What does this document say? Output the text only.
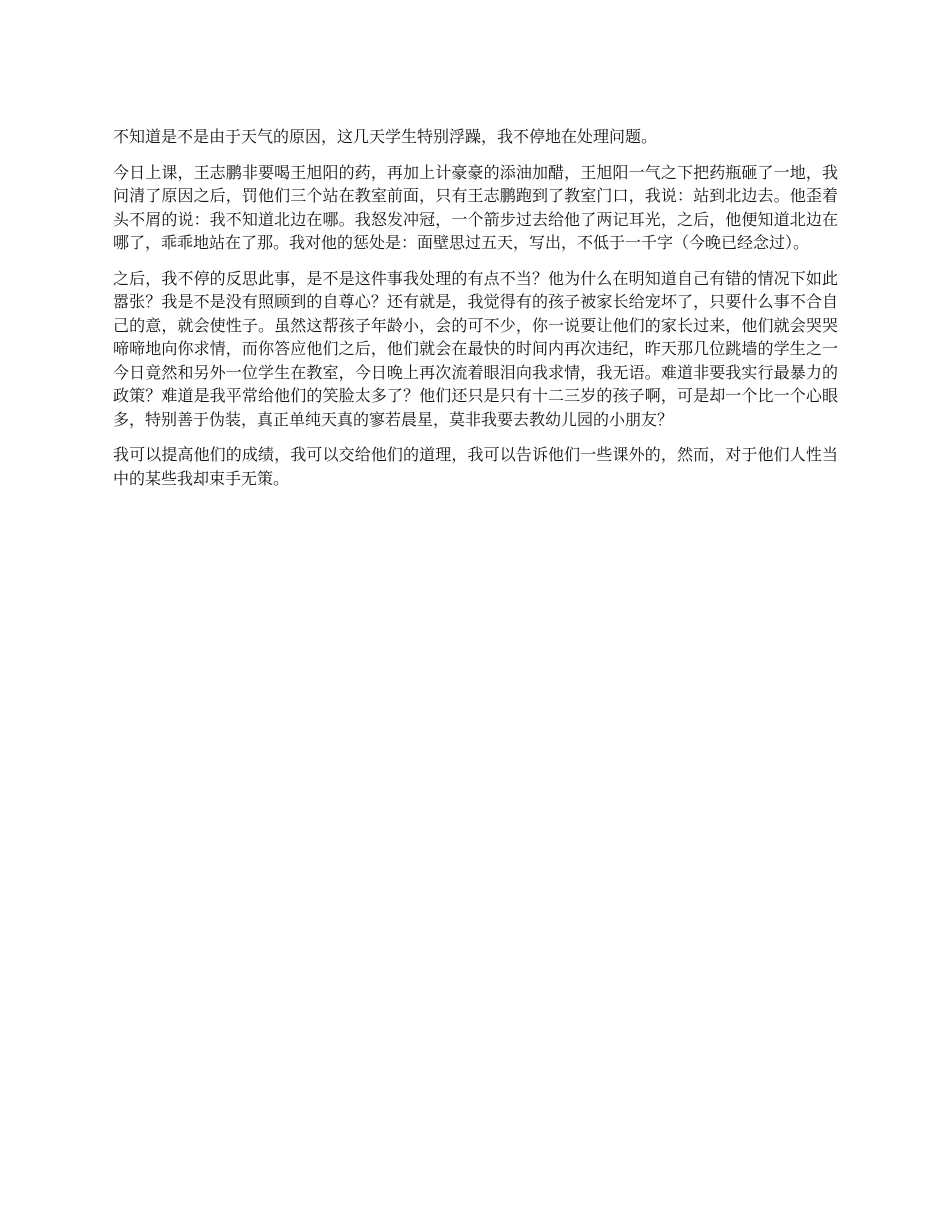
不知道是不是由于天气的原因，这几天学生特别浮躁，我不停地在处理问题。

今日上课，王志鹏非要喝王旭阳的药，再加上计豪豪的添油加醋，王旭阳一气之下把药瓶砸了一地，我问清了原因之后，罚他们三个站在教室前面，只有王志鹏跑到了教室门口，我说：站到北边去。他歪着头不屑的说：我不知道北边在哪。我怒发冲冠，一个箭步过去给他了两记耳光，之后，他便知道北边在哪了，乖乖地站在了那。我对他的惩处是：面壁思过五天，写出，不低于一千字（今晚已经念过）。

之后，我不停的反思此事，是不是这件事我处理的有点不当？他为什么在明知道自己有错的情况下如此嚣张？我是不是没有照顾到的自尊心？还有就是，我觉得有的孩子被家长给宠坏了，只要什么事不合自己的意，就会使性子。虽然这帮孩子年龄小，会的可不少，你一说要让他们的家长过来，他们就会哭哭啼啼地向你求情，而你答应他们之后，他们就会在最快的时间内再次违纪，昨天那几位跳墙的学生之一今日竟然和另外一位学生在教室，今日晚上再次流着眼泪向我求情，我无语。难道非要我实行最暴力的政策？难道是我平常给他们的笑脸太多了？他们还只是只有十二三岁的孩子啊，可是却一个比一个心眼多，特别善于伪装，真正单纯天真的寥若晨星，莫非我要去教幼儿园的小朋友？

我可以提高他们的成绩，我可以交给他们的道理，我可以告诉他们一些课外的，然而，对于他们人性当中的某些我却束手无策。
